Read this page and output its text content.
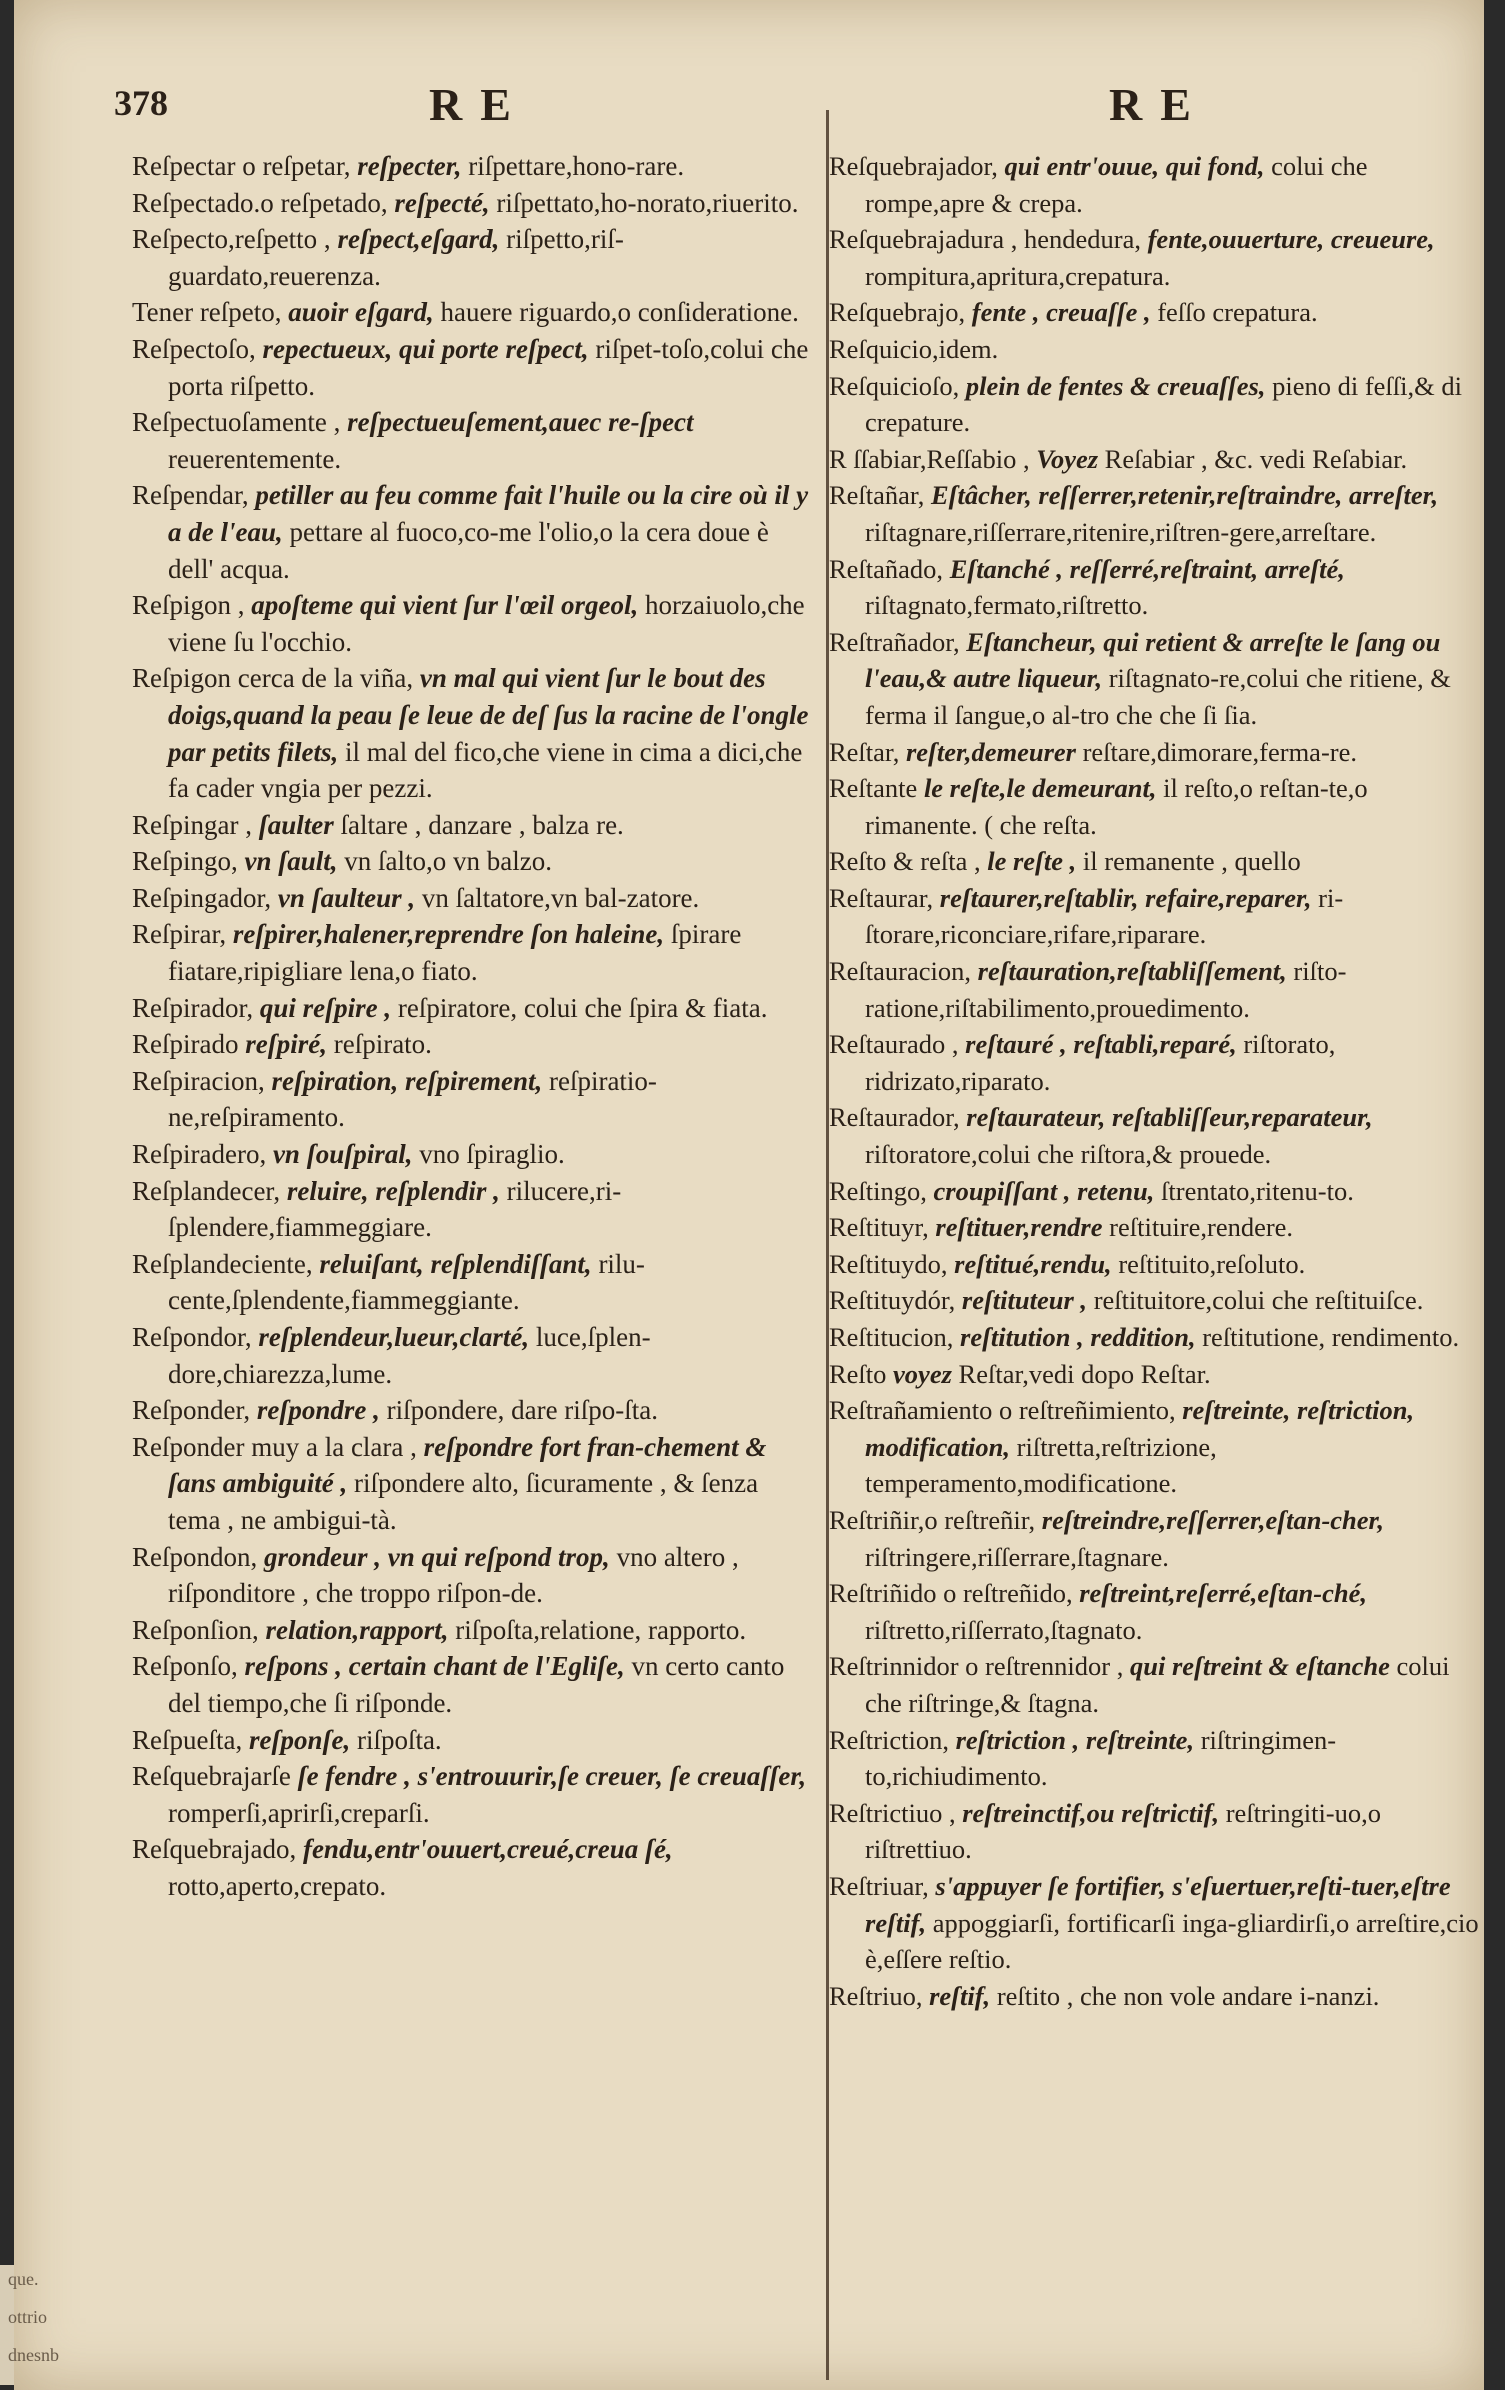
378	RE	RE

Reſpectar o reſpetar, reſpecter, riſpettare,hono-rare.

Reſpectado.o reſpetado, reſpecté, riſpettato,ho-norato,riuerito.

Reſpecto,reſpetto , reſpect,eſgard, riſpetto,riſ-guardato,reuerenza.

Tener reſpeto, auoir eſgard, hauere riguardo,o conſideratione.

Reſpectoſo, repectueux, qui porte reſpect, riſpet-toſo,colui che porta riſpetto.

Reſpectuoſamente , reſpectueuſement,auec re-ſpect reuerentemente.

Reſpendar, petiller au feu comme fait l'huile ou la cire où il y a de l'eau, pettare al fuoco,co-me l'olio,o la cera doue è dell' acqua.

Reſpigon , apoſteme qui vient ſur l'œil orgeol, horzaiuolo,che viene ſu l'occhio.

Reſpigon cerca de la viña, vn mal qui vient ſur le bout des doigs,quand la peau ſe leue de deſ ſus la racine de l'ongle par petits filets, il mal del fico,che viene in cima a dici,che fa cader vngia per pezzi.

Reſpingar , ſaulter ſaltare , danzare , balza re.

Reſpingo, vn ſault, vn ſalto,o vn balzo.

Reſpingador, vn ſaulteur , vn ſaltatore,vn bal-zatore.

Reſpirar, reſpirer,halener,reprendre ſon haleine, ſpirare fiatare,ripigliare lena,o fiato.

Reſpirador, qui reſpire , reſpiratore, colui che ſpira & fiata.

Reſpirado reſpiré, reſpirato.

Reſpiracion, reſpiration, reſpirement, reſpiratio-ne,reſpiramento.

Reſpiradero, vn ſouſpiral, vno ſpiraglio.

Reſplandecer, reluire, reſplendir , rilucere,ri-ſplendere,fiammeggiare.

Reſplandeciente, reluiſant, reſplendiſſant, rilu-cente,ſplendente,fiammeggiante.

Reſpondor, reſplendeur,lueur,clarté, luce,ſplen-dore,chiarezza,lume.

Reſponder, reſpondre , riſpondere, dare riſpo-ſta.

Reſponder muy a la clara , reſpondre fort fran-chement & ſans ambiguité , riſpondere alto, ſicuramente , & ſenza tema , ne ambigui-tà.

Reſpondon, grondeur , vn qui reſpond trop, vno altero , riſponditore , che troppo riſpon-de.

Reſponſion, relation,rapport, riſpoſta,relatione, rapporto.

Reſponſo, reſpons , certain chant de l'Egliſe, vn certo canto del tiempo,che ſi riſponde.

Reſpueſta, reſponſe, riſpoſta.

Reſquebrajarſe ſe fendre , s'entrouurir,ſe creuer, ſe creuaſſer, romperſi,aprirſi,creparſi.

Reſquebrajado, fendu,entr'ouuert,creué,creua ſé, rotto,aperto,crepato.

Reſquebrajador, qui entr'ouue, qui fond, colui che rompe,apre & crepa.

Reſquebrajadura , hendedura, fente,ouuerture, creueure, rompitura,apritura,crepatura.

Reſquebrajo, fente , creuaſſe , feſſo crepatura.

Reſquicio,idem.

Reſquicioſo, plein de fentes & creuaſſes, pieno di feſſi,& di crepature.

R ſſabiar,Reſſabio , Voyez Reſabiar , &c. vedi Reſabiar.

Reſtañar, Eſtâcher, reſſerrer,retenir,reſtraindre, arreſter, riſtagnare,riſſerrare,ritenire,riſtren-gere,arreſtare.

Reſtañado, Eſtanché , reſſerré,reſtraint, arreſté, riſtagnato,fermato,riſtretto.

Reſtrañador, Eſtancheur, qui retient & arreſte le ſang ou l'eau,& autre liqueur, riſtagnato-re,colui che ritiene, & ferma il ſangue,o al-tro che che ſi ſia.

Reſtar, reſter,demeurer reſtare,dimorare,ferma-re.

Reſtante le reſte,le demeurant, il reſto,o reſtan-te,o rimanente. ( che reſta.

Reſto & reſta , le reſte , il remanente , quello

Reſtaurar, reſtaurer,reſtablir, refaire,reparer, ri-ſtorare,riconciare,rifare,riparare.

Reſtauracion, reſtauration,reſtabliſſement, riſto-ratione,riſtabilimento,prouedimento.

Reſtaurado , reſtauré , reſtabli,reparé, riſtorato, ridrizato,riparato.

Reſtaurador, reſtaurateur, reſtabliſſeur,reparateur, riſtoratore,colui che riſtora,& prouede.

Reſtingo, croupiſſant , retenu, ſtrentato,ritenu-to.

Reſtituyr, reſtituer,rendre reſtituire,rendere.

Reſtituydo, reſtitué,rendu, reſtituito,reſoluto.

Reſtituydór, reſtituteur , reſtituitore,colui che reſtituiſce.

Reſtitucion, reſtitution , reddition, reſtitutione, rendimento.

Reſto voyez Reſtar,vedi dopo Reſtar.

Reſtrañamiento o reſtreñimiento, reſtreinte, reſtriction, modification, riſtretta,reſtrizione, temperamento,modificatione.

Reſtriñir,o reſtreñir, reſtreindre,reſſerrer,eſtan-cher, riſtringere,riſſerrare,ſtagnare.

Reſtriñido o reſtreñido, reſtreint,reſerré,eſtan-ché, riſtretto,riſſerrato,ſtagnato.

Reſtrinnidor o reſtrennidor , qui reſtreint & eſtanche colui che riſtringe,& ſtagna.

Reſtriction, reſtriction , reſtreinte, riſtringimen-to,richiudimento.

Reſtrictiuo , reſtreinctif,ou reſtrictif, reſtringiti-uo,o riſtrettiuo.

Reſtriuar, s'appuyer ſe fortifier, s'eſuertuer,reſti-tuer,eſtre reſtif, appoggiarſi, fortificarſi inga-gliardirſi,o arreſtire,cio è,eſſere reſtio.

Reſtriuo, reſtif, reſtito , che non vole andare i-nanzi.

que.
ottrio
dnesnb
